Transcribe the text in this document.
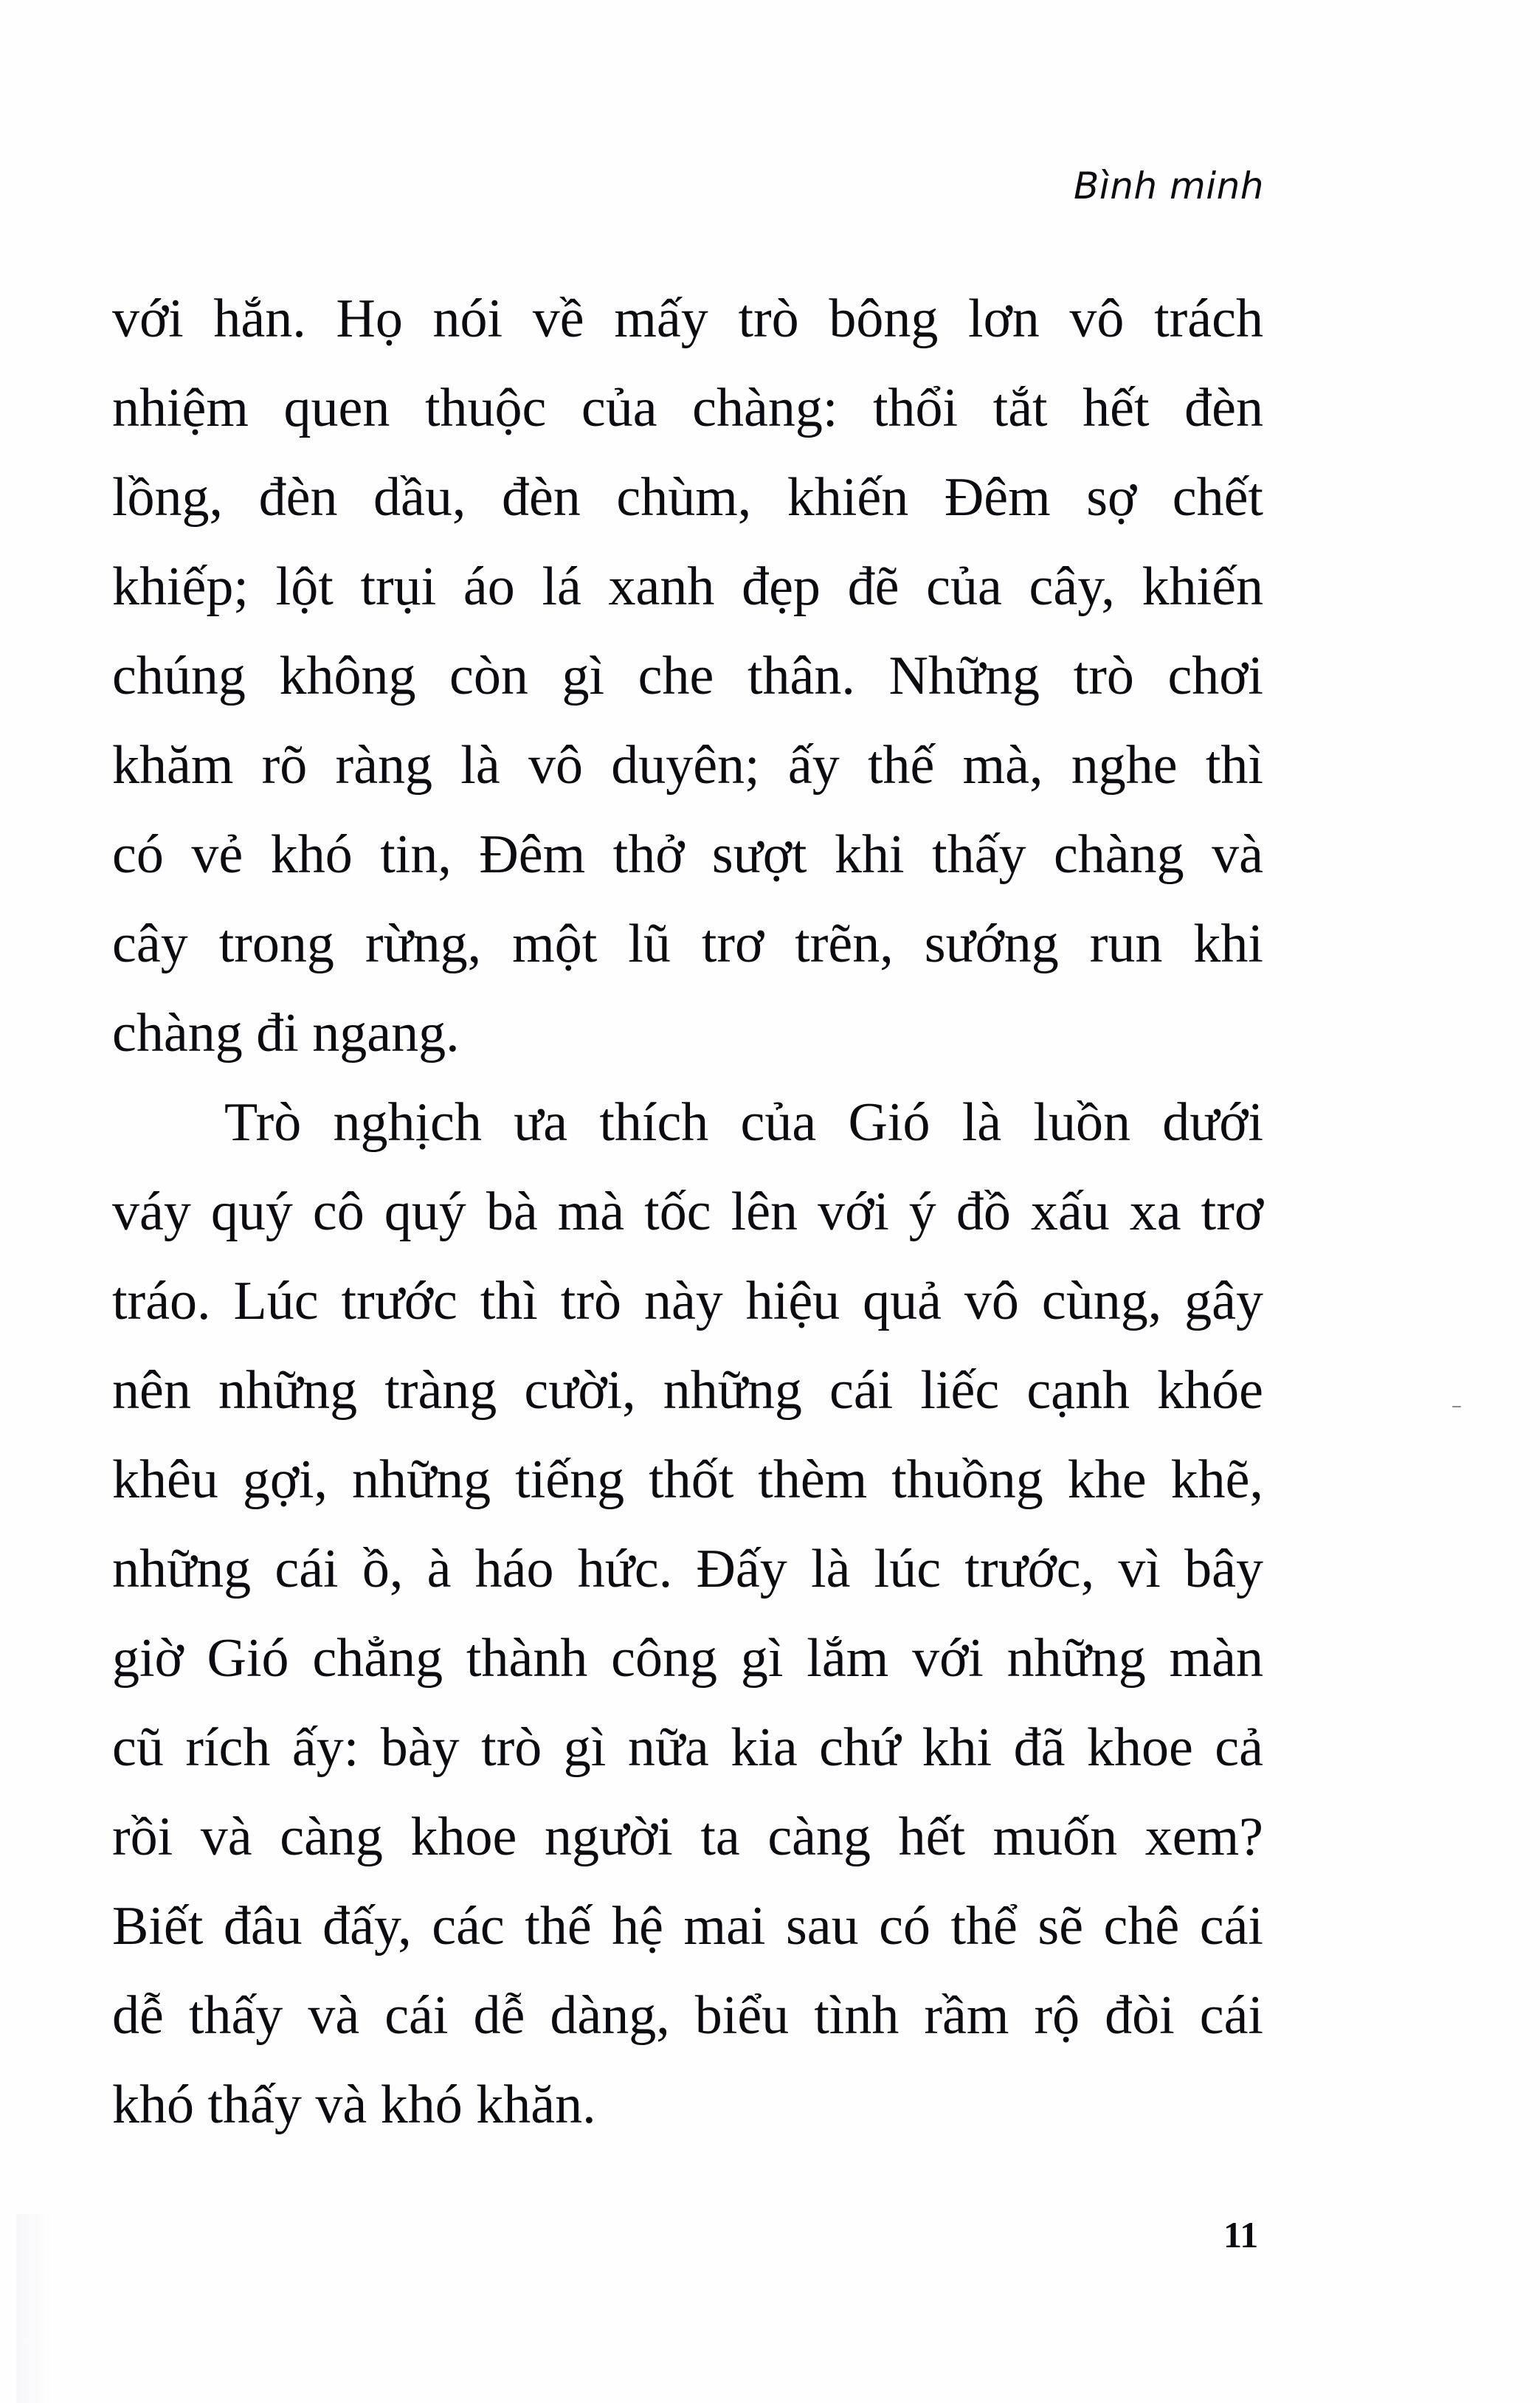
Bình minh
với hắn. Họ nói về mấy trò bông lơn vô trách
nhiệm quen thuộc của chàng: thổi tắt hết đèn
lồng, đèn dầu, đèn chùm, khiến Đêm sợ chết
khiếp; lột trụi áo lá xanh đẹp đẽ của cây, khiến
chúng không còn gì che thân. Những trò chơi
khăm rõ ràng là vô duyên; ấy thế mà, nghe thì
có vẻ khó tin, Đêm thở sượt khi thấy chàng và
cây trong rừng, một lũ trơ trẽn, sướng run khi
chàng đi ngang.
Trò nghịch ưa thích của Gió là luồn dưới
váy quý cô quý bà mà tốc lên với ý đồ xấu xa trơ
tráo. Lúc trước thì trò này hiệu quả vô cùng, gây
nên những tràng cười, những cái liếc cạnh khóe
khêu gợi, những tiếng thốt thèm thuồng khe khẽ,
những cái ồ, à háo hức. Đấy là lúc trước, vì bây
giờ Gió chẳng thành công gì lắm với những màn
cũ rích ấy: bày trò gì nữa kia chứ khi đã khoe cả
rồi và càng khoe người ta càng hết muốn xem?
Biết đâu đấy, các thế hệ mai sau có thể sẽ chê cái
dễ thấy và cái dễ dàng, biểu tình rầm rộ đòi cái
khó thấy và khó khăn.
11
